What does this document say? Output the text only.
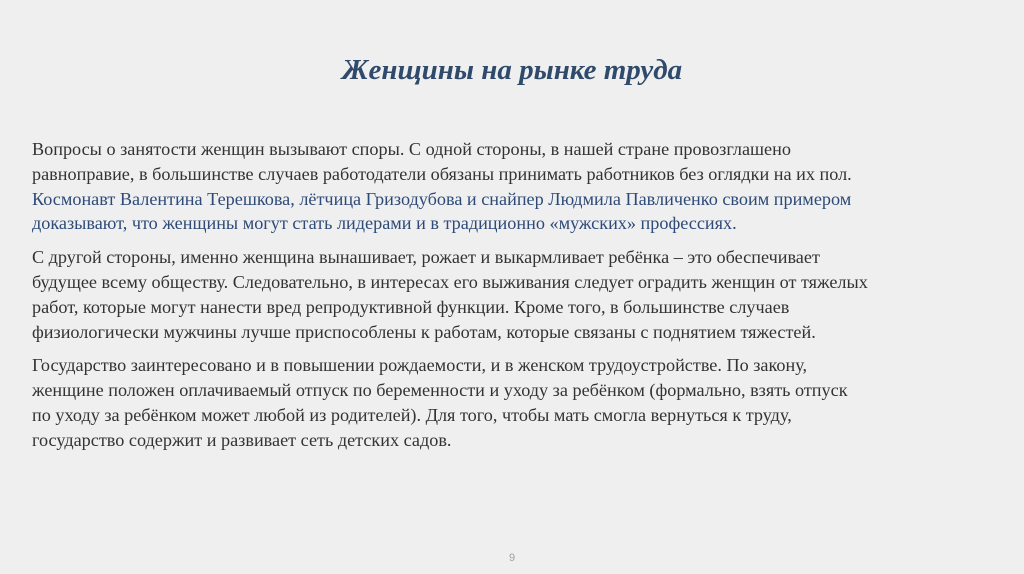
Женщины на рынке труда

Вопросы о занятости женщин вызывают споры. С одной стороны, в нашей стране провозглашено
равноправие, в большинстве случаев работодатели обязаны принимать работников без оглядки на их пол.
Космонавт Валентина Терешкова, лётчица Гризодубова и снайпер Людмила Павличенко своим примером
доказывают, что женщины могут стать лидерами и в традиционно «мужских» профессиях.

С другой стороны, именно женщина вынашивает, рожает и выкармливает ребёнка – это обеспечивает
будущее всему обществу. Следовательно, в интересах его выживания следует оградить женщин от тяжелых
работ, которые могут нанести вред репродуктивной функции. Кроме того, в большинстве случаев
физиологически мужчины лучше приспособлены к работам, которые связаны с поднятием тяжестей.

Государство заинтересовано и в повышении рождаемости, и в женском трудоустройстве. По закону,
женщине положен оплачиваемый отпуск по беременности и уходу за ребёнком (формально, взять отпуск
по уходу за ребёнком может любой из родителей). Для того, чтобы мать смогла вернуться к труду,
государство содержит и развивает сеть детских садов.

9
